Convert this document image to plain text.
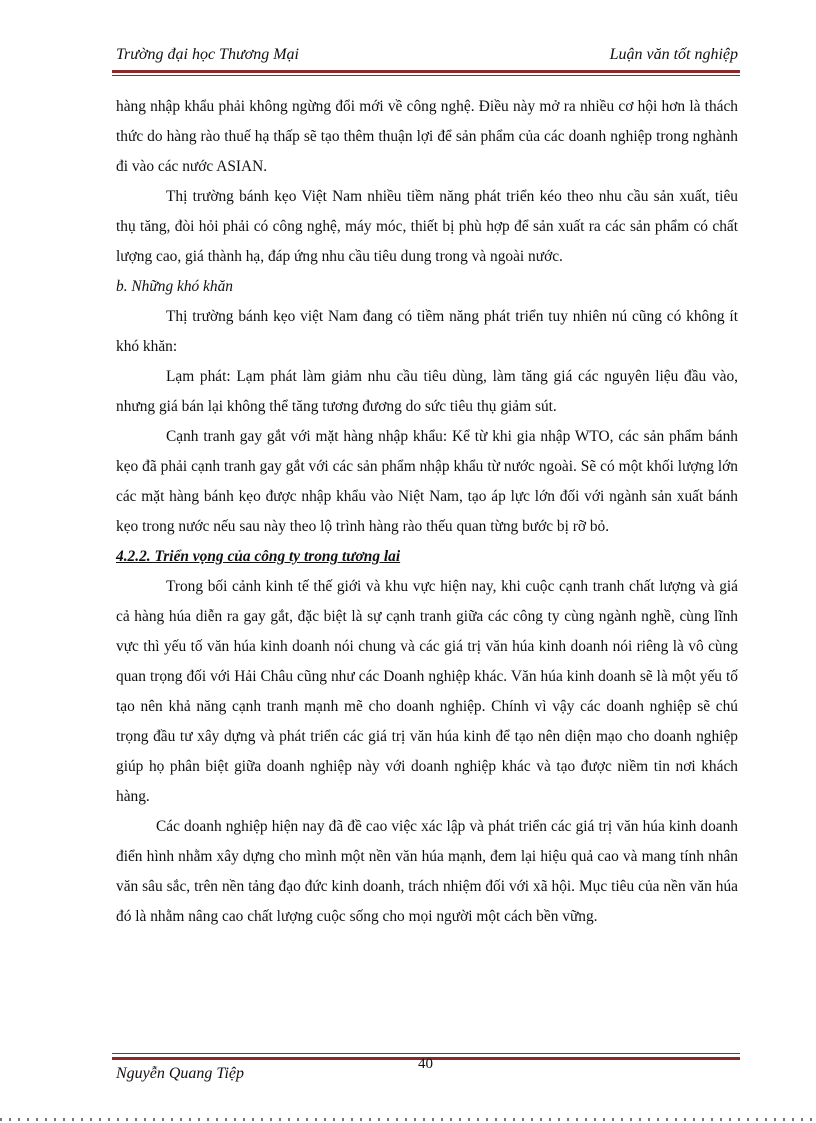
Trường đại học Thương Mại	Luận văn tốt nghiệp

hàng nhập khẩu phải không ngừng đổi mới về công nghệ. Điều này mở ra nhiều cơ hội hơn là thách thức do hàng rào thuế hạ thấp sẽ tạo thêm thuận lợi để sản phẩm của các doanh nghiệp trong nghành đi vào các nước ASIAN.

Thị trường bánh kẹo Việt Nam nhiều tiềm năng phát triển kéo theo nhu cầu sản xuất, tiêu thụ tăng, đòi hỏi phải có công nghệ, máy móc, thiết bị phù hợp để sản xuất ra các sản phẩm có chất lượng cao, giá thành hạ, đáp ứng nhu cầu tiêu dung trong và ngoài nước.

b. Những khó khăn

Thị trường bánh kẹo việt Nam đang có tiềm năng phát triển tuy nhiên nú cũng có không ít khó khăn:

Lạm phát: Lạm phát làm giảm nhu cầu tiêu dùng, làm tăng giá các nguyên liệu đầu vào, nhưng giá bán lại không thể tăng tương đương do sức tiêu thụ giảm sút.

Cạnh tranh gay gắt với mặt hàng nhập khẩu: Kể từ khi gia nhập WTO, các sản phẩm bánh kẹo đã phải cạnh tranh gay gắt với các sản phẩm nhập khẩu từ nước ngoài. Sẽ có một khối lượng lớn các mặt hàng bánh kẹo được nhập khẩu vào Niệt Nam, tạo áp lực lớn đối với ngành sản xuất bánh kẹo trong nước nếu sau này theo lộ trình hàng rào thếu quan từng bước bị rỡ bỏ.

4.2.2. Triển vọng của công ty trong tương lai

Trong bối cảnh kinh tế thế giới và khu vực hiện nay, khi cuộc cạnh tranh chất lượng và giá cả hàng húa diễn ra gay gắt, đặc biệt là sự cạnh tranh giữa các công ty cùng ngành nghề, cùng lĩnh vực thì yếu tố văn húa kinh doanh nói chung và các giá trị văn húa kinh doanh nói riêng là vô cùng quan trọng đối với Hải Châu cũng như các Doanh nghiệp khác. Văn húa kinh doanh sẽ là một yếu tố tạo nên khả năng cạnh tranh mạnh mẽ cho doanh nghiệp. Chính vì vậy các doanh nghiệp sẽ chú trọng đầu tư xây dựng và phát triển các giá trị văn húa kinh để tạo nên diện mạo cho doanh nghiệp giúp họ phân biệt giữa doanh nghiệp này với doanh nghiệp khác và tạo được niềm tin nơi khách hàng.

Các doanh nghiệp hiện nay đã đề cao việc xác lập và phát triển các giá trị văn húa kinh doanh điển hình nhằm xây dựng cho mình một nền văn húa mạnh, đem lại hiệu quả cao và mang tính nhân văn sâu sắc, trên nền tảng đạo đức kinh doanh, trách nhiệm đối với xã hội. Mục tiêu của nền văn húa đó là nhằm nâng cao chất lượng cuộc sống cho mọi người một cách bền vững.

40
Nguyễn Quang Tiệp
